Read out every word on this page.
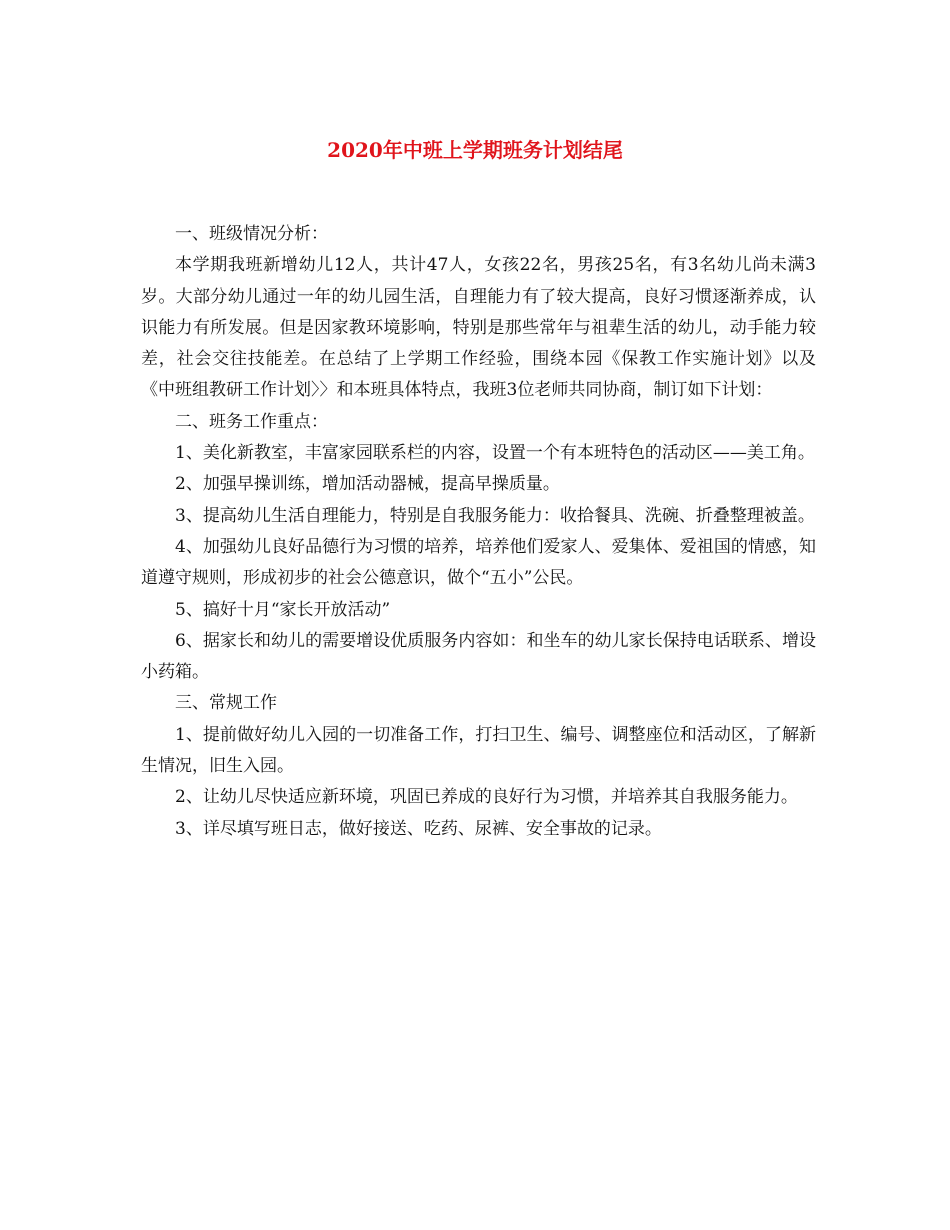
2020年中班上学期班务计划结尾

一、班级情况分析：

本学期我班新增幼儿12人，共计47人，女孩22名，男孩25名，有3名幼儿尚未满3岁。大部分幼儿通过一年的幼儿园生活，自理能力有了较大提高，良好习惯逐渐养成，认识能力有所发展。但是因家教环境影响，特别是那些常年与祖辈生活的幼儿，动手能力较差，社会交往技能差。在总结了上学期工作经验，围绕本园《保教工作实施计划》以及《中班组教研工作计划〉〉和本班具体特点，我班3位老师共同协商，制订如下计划：

二、班务工作重点：

1、美化新教室，丰富家园联系栏的内容，设置一个有本班特色的活动区——美工角。

2、加强早操训练，增加活动器械，提高早操质量。

3、提高幼儿生活自理能力，特别是自我服务能力：收拾餐具、洗碗、折叠整理被盖。

4、加强幼儿良好品德行为习惯的培养，培养他们爱家人、爱集体、爱祖国的情感，知道遵守规则，形成初步的社会公德意识，做个“五小”公民。

5、搞好十月“家长开放活动”

6、据家长和幼儿的需要增设优质服务内容如：和坐车的幼儿家长保持电话联系、增设小药箱。

三、常规工作

1、提前做好幼儿入园的一切准备工作，打扫卫生、编号、调整座位和活动区，了解新生情况，旧生入园。

2、让幼儿尽快适应新环境，巩固已养成的良好行为习惯，并培养其自我服务能力。

3、详尽填写班日志，做好接送、吃药、尿裤、安全事故的记录。
